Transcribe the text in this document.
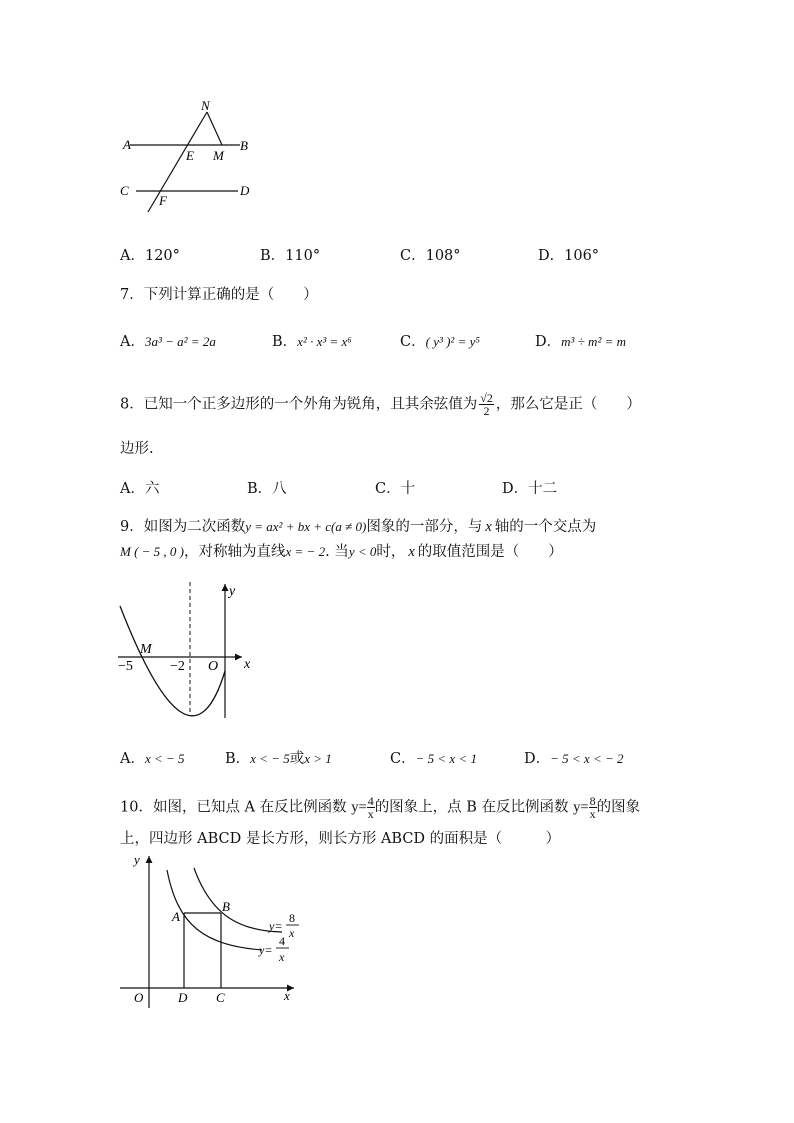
N
A	B
E M
C	D
F
A．120°	B．110°	C．108°	D．106°
7．下列计算正确的是（　　）
A．3a³ − a² = 2a	B．x² · x³ = x⁶	C．( y³ )² = y⁵	D．m³ ÷ m² = m
8．已知一个正多边形的一个外角为锐角，且其余弦值为 $\frac{√2}{2}$ ，那么它是正（　　）
边形.
A．六	B．八	C．十	D．十二
9．如图为二次函数y = ax² + bx + c(a ≠ 0)图象的一部分，与 x 轴的一个交点为
M ( − 5 , 0 )，对称轴为直线x = − 2. 当y < 0时， x 的取值范围是（　　）
y
x
M
−5	−2 O
A．x < − 5	B．x < − 5或x > 1	C．− 5 < x < 1	D．− 5 < x < − 2
10．如图，已知点 A 在反比例函数 $y= \frac{4}{x}$ 的图象上，点 B 在反比例函数 $y= \frac{8}{x}$ 的图象
上，四边形 ABCD 是长方形，则长方形 ABCD 的面积是（　　　）
y
x
O
A
B
D C
y=
8
x
y=
4
x
